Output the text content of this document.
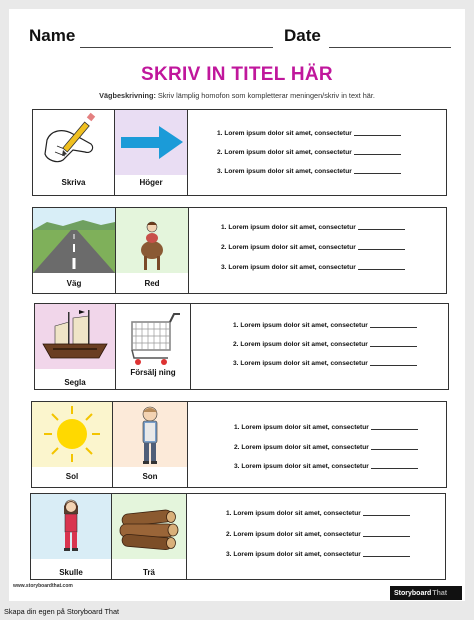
Name	Date
SKRIV IN TITEL HÄR
Vägbeskrivning: Skriv lämplig homofon som kompletterar meningen/skriv in text här.
Skriva	Höger
1. Lorem ipsum dolor sit amet, consectetur
2. Lorem ipsum dolor sit amet, consectetur
3. Lorem ipsum dolor sit amet, consectetur
Väg	Red
1. Lorem ipsum dolor sit amet, consectetur
2. Lorem ipsum dolor sit amet, consectetur
3. Lorem ipsum dolor sit amet, consectetur
Segla
Försälj ning
1. Lorem ipsum dolor sit amet, consectetur
2. Lorem ipsum dolor sit amet, consectetur
3. Lorem ipsum dolor sit amet, consectetur
Sol	Son
1. Lorem ipsum dolor sit amet, consectetur
2. Lorem ipsum dolor sit amet, consectetur
3. Lorem ipsum dolor sit amet, consectetur
Skulle	Trä
1. Lorem ipsum dolor sit amet, consectetur
2. Lorem ipsum dolor sit amet, consectetur
3. Lorem ipsum dolor sit amet, consectetur
www.storyboardthat.com
Storyboard That
Skapa din egen på Storyboard That
